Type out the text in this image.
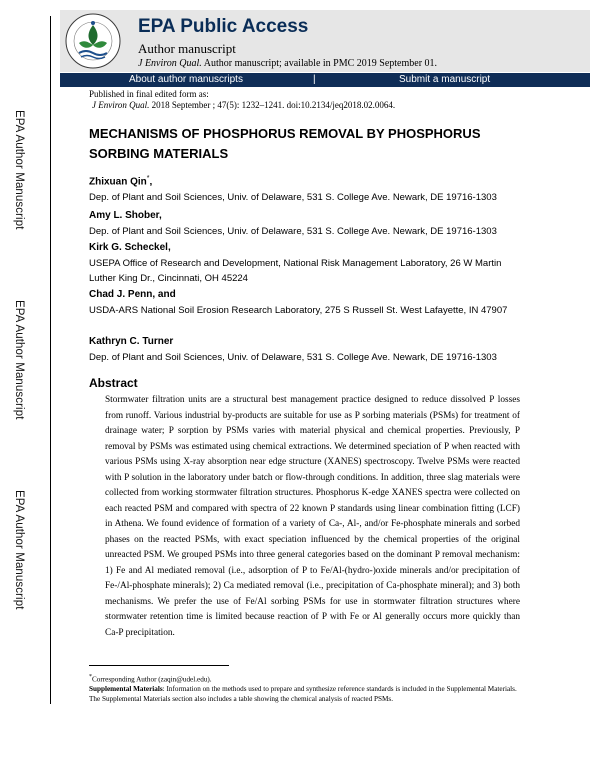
EPA Author Manuscript
EPA Author Manuscript
EPA Author Manuscript
EPA Public Access
Author manuscript
J Environ Qual. Author manuscript; available in PMC 2019 September 01.
About author manuscripts	|	Submit a manuscript
Published in final edited form as:
J Environ Qual. 2018 September ; 47(5): 1232–1241. doi:10.2134/jeq2018.02.0064.
MECHANISMS OF PHOSPHORUS REMOVAL BY PHOSPHORUS SORBING MATERIALS
Zhixuan Qin*,
Dep. of Plant and Soil Sciences, Univ. of Delaware, 531 S. College Ave. Newark, DE 19716-1303
Amy L. Shober,
Dep. of Plant and Soil Sciences, Univ. of Delaware, 531 S. College Ave. Newark, DE 19716-1303
Kirk G. Scheckel,
USEPA Office of Research and Development, National Risk Management Laboratory, 26 W Martin Luther King Dr., Cincinnati, OH 45224
Chad J. Penn, and
USDA-ARS National Soil Erosion Research Laboratory, 275 S Russell St. West Lafayette, IN 47907
Kathryn C. Turner
Dep. of Plant and Soil Sciences, Univ. of Delaware, 531 S. College Ave. Newark, DE 19716-1303
Abstract
Stormwater filtration units are a structural best management practice designed to reduce dissolved P losses from runoff. Various industrial by-products are suitable for use as P sorbing materials (PSMs) for treatment of drainage water; P sorption by PSMs varies with material physical and chemical properties. Previously, P removal by PSMs was estimated using chemical extractions. We determined speciation of P when reacted with various PSMs using X-ray absorption near edge structure (XANES) spectroscopy. Twelve PSMs were reacted with P solution in the laboratory under batch or flow-through conditions. In addition, three slag materials were collected from working stormwater filtration structures. Phosphorus K-edge XANES spectra were collected on each reacted PSM and compared with spectra of 22 known P standards using linear combination fitting (LCF) in Athena. We found evidence of formation of a variety of Ca-, Al-, and/or Fe-phosphate minerals and sorbed phases on the reacted PSMs, with exact speciation influenced by the chemical properties of the original unreacted PSM. We grouped PSMs into three general categories based on the dominant P removal mechanism: 1) Fe and Al mediated removal (i.e., adsorption of P to Fe/Al-(hydro-)oxide minerals and/or precipitation of Fe-/Al-phosphate minerals); 2) Ca mediated removal (i.e., precipitation of Ca-phosphate mineral); and 3) both mechanisms. We prefer the use of Fe/Al sorbing PSMs for use in stormwater filtration structures where stormwater retention time is limited because reaction of P with Fe or Al generally occurs more quickly than Ca-P precipitation.
*Corresponding Author (zaqin@udel.edu).
Supplemental Materials: Information on the methods used to prepare and synthesize reference standards is included in the Supplemental Materials. The Supplemental Materials section also includes a table showing the chemical analysis of reacted PSMs.
